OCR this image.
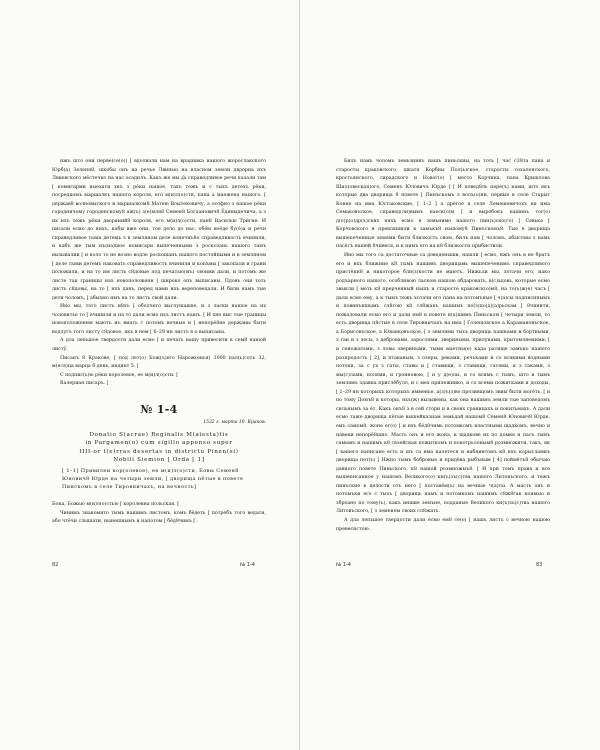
нжъ што они перве(се(о)) [ вдолвали нам на врадника нашого жорослакского Юрб(а) Зеленя8, шкобы онъ на речье Лвинью на власном земли двдорна нхъ Лвиевского мёстечко на нас осадилъ. Какъ же мы д҃а справедливое речи казали там [ комисарми выехати хкъ з рёки нашое, тахъ тежъ и с тыхъ детехъ рёки, посредкомъ маршалкъ нашого короля, его м(и)л(о)сти, пана а маежена нашого. [ держав8 волновыского и маршалком8 Матею Воытековичу, а ософно з нашое рёки городничому городенскому8 аж(ъ) з(е)мля8 Семен8 Богданович8 Ёдиныдечича, а з их нхъ тежъ рёки дворяний8 короля, его м(и)л(о)сти, пан8 Василью Тригне. И писали есмо до нихъ, кабы вже они, тое дело до нас, обёю воёде бу(ё)а и речи справедливое тыма детемъ з в земляном деле конечнъ8о справедливость вчинили, и кабъ же тым нъ(на)шое комисари выпеченными з роскозань нашого тамъ вызывалии [ и коло то не возно водле роскошанъ нашого постойными и в земляном [ деле тыми детемъ наковать справедливостъ вчинили и копъмы [ закопали и грани положили, и на то им листь с8довые под печатью(мъ) своими дали, и потомъ же листе так границы наъ новоположенн [ широко опъ выписаны. Пдовъ они тоть листъ с8довы, на то [ нхъ давъ, перед нами ихъ вереповедали. И били намъ тые дети чоломъ, [ абыхмо нмъ на то листь свой дали.

Ино мы, того листъ и8хъ [ оболчего выслушавше, и з ласки нашое на их чоловитье то [ вчинили и на то дали есмо нхъ листъ нашъ. [ И хне выс тые границы новоположеннм маютъ иъ вмать с потомъ вечные и [ непорё8не держаны быти водлугъ того листу с8довое, якъ в нем [ 6–29 нн листъ в о выписаны.

А дла лепьшое твердости дали есмо [ и печать нашу привесити к сем8 нашой листў.

Писанъ 8 Кракове, [ под лет(о) Бож(ъ)его Нарож(енья) 1000 пал(ь)сотъ 32, м(еся)ца марца 6 день, индикт 5. [

С подпис(ь)ю рёки королевое, ее м(и)л(о)сти. [

Валериан писаръ. [

№ 1-4
1532 г. марта 10. Краков.
Donatio S(acrae) Reginalis M(aiesta)tis
in Pargamen(o) cum sigillo appenso super
IIII-or t(e)rras desertas in districtu Pinen(si)
Nobili Siemion [ Orda [ 1]
[ 1–1] Привилеи кор(олевое), ее м(и)л(о)сти, Бовы Семен8 Юнович8 Юрде на четыри земли, [ дворища пётые в повете Пинскомъ в селе Тировничахъ, на вечность]

Бона, Божью м(и)л(о)стью [ королевна польская. [

Чинимъ знакомито тымъ нашимъ листомъ, комъ бёдеть [ потребъ того ведати, або чтёчи слышати, нынешнымъ и напотом [ бёд8чимъ [ .

82	№ 1-4

Билъ намъ чоломъ земьзнинъ нашъ пиньскиы, на тоть [ час с38та пана и старосты краковского, шкатя Корбны Пол(ь)ское, старосты сохаленского, кростьянского, сирадского и Новог(о) [ место Корчина, пана Кришлова Шил(овеская)ого, Семенъ Юловичъ Юрде [ [ И повед8ль пере(ъ) нами, што якъ которые два дворища 8 повете [ Пинъскомъ з волъ(о)ни, первые в селе Старыт Конке на има Юстаковские, [ 1–2 ] а дрёгое в селе Лемешевичохъ на има Семаковъское, справед(ли)вымъ наеск(о)м [ и выробокъ нашинь тог(о) д(о)р(о)др(ъ)ских няхъ есмо в земьнимо нашого пин(ь)ско(го) [ Севька [ Корчовского в превляшили к замъкъ8 нашому8 Пинъскомъ8. Тые в дворища вышепеченные земями быти близкость свою, билъ нам [ чоломъ, абыстмы з намь пасётъ нашей 8чивеся, и к нимъ его на к8 близкости прибистили.

Ино мы того са достаточные са доведеныши, нашли [ есмо, нжъ онъ в не братъ его и нхъ ближние к8 тымъ нашимъ дворищамь вышепеченимъ справедливого пристёпн8 и никоторое блн(з)кости не маютъ. Нижьли мы, хотачи его, иако родъарного нашого, особливою ласкою нашою обдаровать, в(с)адовь, которые есмо звыкли [ меть к8 прерченный нашъ и старосте краковск(о)м8, на то(ъ)ж(е) часъ [ дали есмо ему, а к тымъ тежъ хотачи его пана на потомъные [ ч(а)сы подписинымъ и повинъншымъ сл8гою к8 сл8жакъ нашимъ по(з)по(д)(а)рьскам [ 8чинити, пожаловали есмо его и дали ем8 в повете н(а)шимъ Пиньском [ четыри земли, то есть дворища п8стые в селе Тировничахъ на има [ Голешовское а Карамановъское, а Борисовъское, а Юванковъское, [ з землями тыхъ дворищь пашнами и бортными, з гаи и з лесы, з дебровами, зарослями, звериными, прилуками, притомляемими, [ и сеножатьми, з ловы звериными, тыми маетны(е) када ратище замъкъ нашого разпродость [ 2], и птаваным, з озеры, реками, речьками и со всякими водными потоки, за с ух з гаты, ставы и [ ставищи, з ставищи, гатями, и з таками, з мы(с)лами, полями, и гронновою, [ и у д(е)лы, и со всимъ с тымъ, што в тымъ землямъ здавна прислёбуло, и с мех прилежнико, и со всеми пожитками и доходы, [ 1–29 нн которыхъ которыхъ имменье, а(з)ъ(з)во прозивщомъ звиы быти могёть, [ и по тому Домъ8 и которы, нхъ(ж) вызывены, как она нашимъ земли тые заповедомъ сильнымъ за ёт. Какъ онъ8 з в сей стори и в своих границахъ и покитьмахъ. А дали есмо таже дворища пётые вышейказнам земьдай нашом8 Семен8 Юнович8 Юрде, емъ самом8, жоне ег(о) [ и нхъ бёд8чимь потомкомъ властными щадкомъ, вечно и навеки непорё8шно. Масть онъ и его жона, и щадкове их по домке и пасъ тымъ самымъ и нашимъ к8 свзейская пожиткомъ и покотрьлоным8 розмножити, такъ, як [ вашего написано есть и шъ са нма налетеся и набяинтомъ к8 нхъ корысламиъ дворища пет(ъ) [ Нжно тымъ бобровые и придёва рыбъным [ 4] поймётъ8 обычаю давного повете Пиньского, к8 нашой розмножыъ8. [ И при томъ права и все вышеписанное у нашомъ Великого(о) кн(ъ)зъ(с)тва нашого Литовъского, и тежъ пинъские в целости отъ него [ поставём(ъ) на вечные ч(а)сы. А масть онъ и потомъки его с тыхъ [ дворищь намъ и потомкомъ нашимъ с8ж8гак конмыо и зброано по тому(ъ), какъ иншие земъне, подданые Великого кн(ъ)зъ(с)тва нашого Литовъского, [ з земенем своих сл8жать.

А дла лепьшое твердости дали есмо ем8 се(о) [ нашъ листъ с вечною нашою превесистою.

№ 1-4	83
